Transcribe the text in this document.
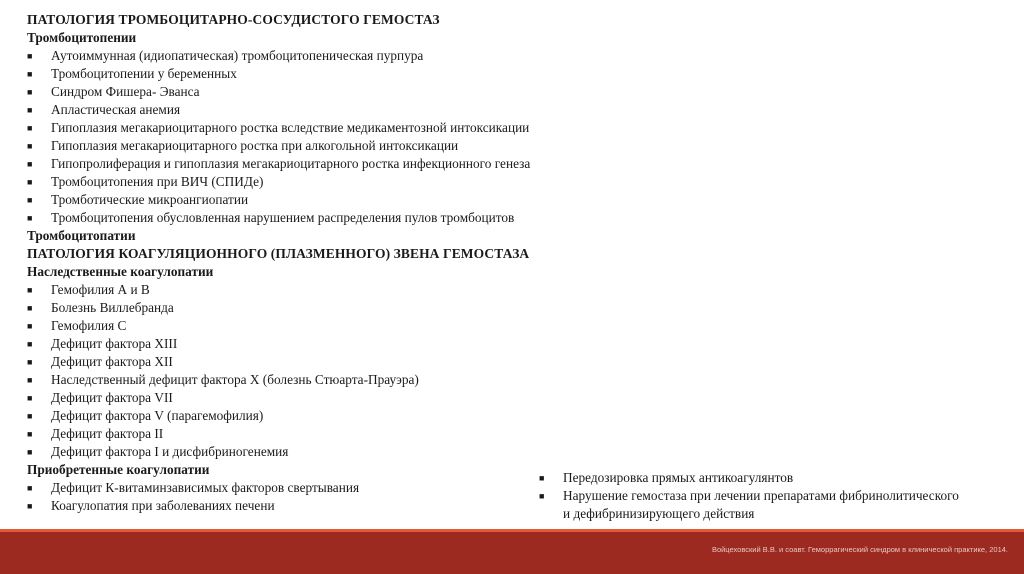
ПАТОЛОГИЯ ТРОМБОЦИТАРНО-СОСУДИСТОГО ГЕМОСТАЗ
Тромбоцитопении
■	Аутоиммунная (идиопатическая) тромбоцитопеническая пурпура
■	Тромбоцитопении у беременных
■	Синдром Фишера- Эванса
■	Апластическая анемия
■	Гипоплазия мегакариоцитарного ростка вследствие медикаментозной интоксикации
■	Гипоплазия мегакариоцитарного ростка при алкогольной интоксикации
■	Гипопролиферация и гипоплазия мегакариоцитарного ростка инфекционного генеза
■	Тромбоцитопения при ВИЧ (СПИДе)
■	Тромботические микроангиопатии
■	Тромбоцитопения обусловленная нарушением распределения пулов тромбоцитов
Тромбоцитопатии
ПАТОЛОГИЯ КОАГУЛЯЦИОННОГО (ПЛАЗМЕННОГО) ЗВЕНА ГЕМОСТАЗА
Наследственные коагулопатии
■	Гемофилия А и В
■	Болезнь Виллебранда
■	Гемофилия С
■	Дефицит фактора XIII
■	Дефицит фактора XII
■	Наследственный дефицит фактора Х (болезнь Стюарта-Прауэра)
■	Дефицит фактора VII
■	Дефицит фактора V (парагемофилия)
■	Дефицит фактора II
■	Дефицит фактора I и дисфибриногенемия
Приобретенные коагулопатии
■	Дефицит К-витаминзависимых факторов свертывания
■	Коагулопатия при заболеваниях печени
■	Передозировка прямых антикоагулянтов
■	Нарушение гемостаза при лечении препаратами фибринолитического
и дефибринизирующего действия
Войцеховский В.В. и соавт. Геморрагический синдром в клинической практике, 2014.
